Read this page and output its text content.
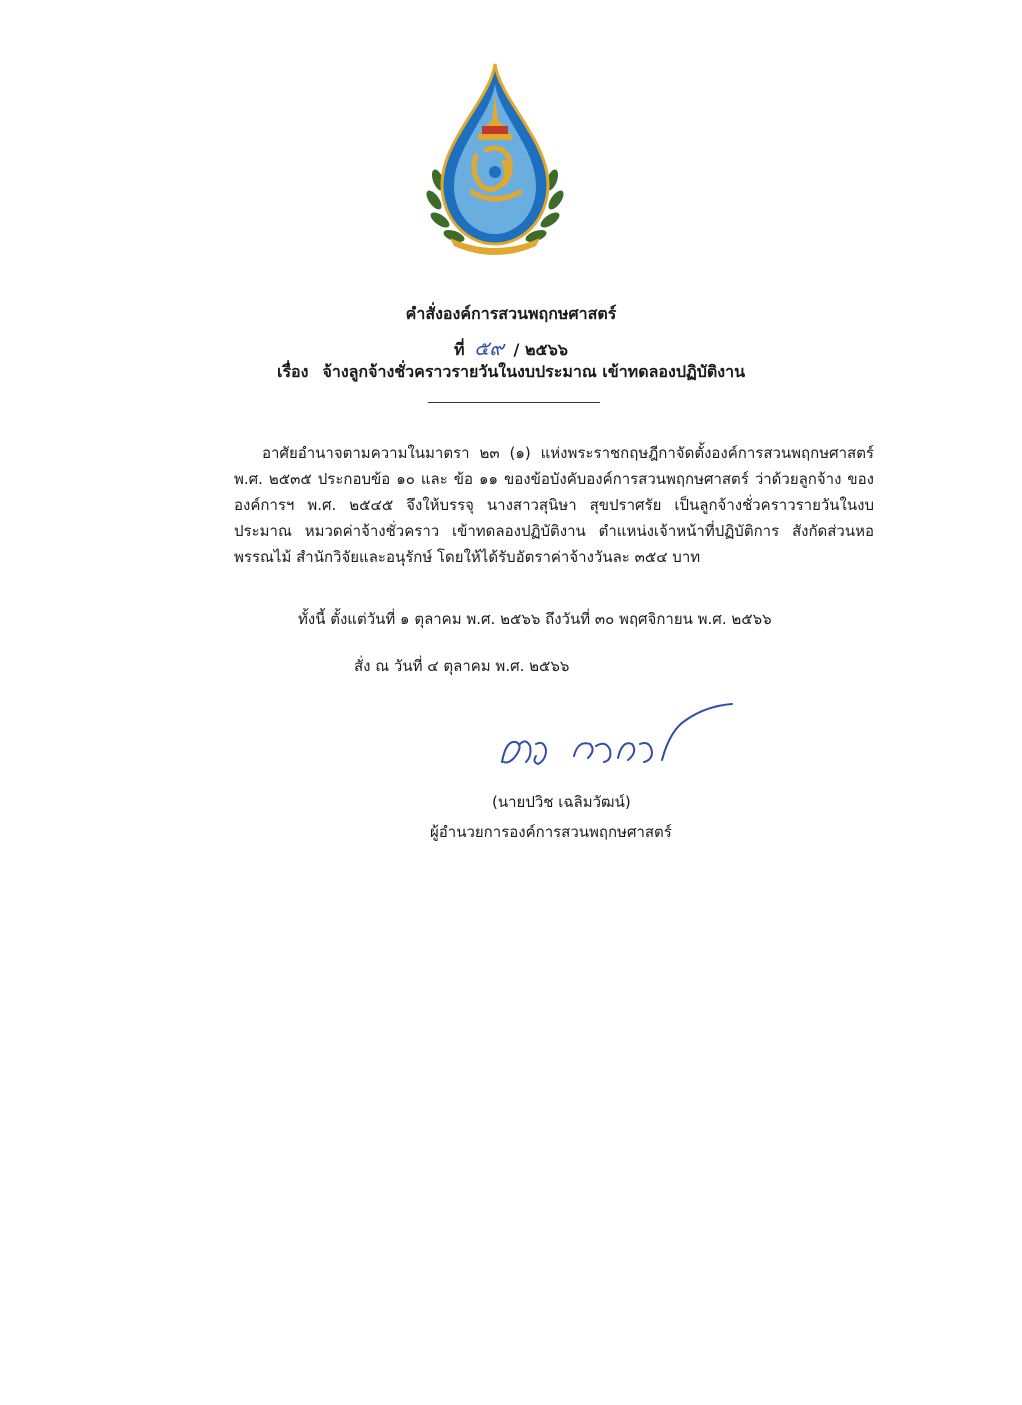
คำสั่งองค์การสวนพฤกษศาสตร์
ที่ ๕๙ / ๒๕๖๖
เรื่อง จ้างลูกจ้างชั่วคราวรายวันในงบประมาณ เข้าทดลองปฏิบัติงาน
อาศัยอำนาจตามความในมาตรา ๒๓ (๑) แห่งพระราชกฤษฎีกาจัดตั้งองค์การสวนพฤกษศาสตร์ พ.ศ. ๒๕๓๕ ประกอบข้อ ๑๐ และ ข้อ ๑๑ ของข้อบังคับองค์การสวนพฤกษศาสตร์ ว่าด้วยลูกจ้าง ขององค์การฯ พ.ศ. ๒๕๔๕ จึงให้บรรจุ นางสาวสุนิษา สุขปราศรัย เป็นลูกจ้างชั่วคราวรายวันในงบประมาณ หมวดค่าจ้างชั่วคราว เข้าทดลองปฏิบัติงาน ตำแหน่งเจ้าหน้าที่ปฏิบัติการ สังกัดส่วนหอพรรณไม้ สำนักวิจัยและอนุรักษ์ โดยให้ได้รับอัตราค่าจ้างวันละ ๓๕๔ บาท
ทั้งนี้ ตั้งแต่วันที่ ๑ ตุลาคม พ.ศ. ๒๕๖๖ ถึงวันที่ ๓๐ พฤศจิกายน พ.ศ. ๒๕๖๖
สั่ง ณ วันที่ ๔ ตุลาคม พ.ศ. ๒๕๖๖
(นายปวิช เฉลิมวัฒน์)
ผู้อำนวยการองค์การสวนพฤกษศาสตร์
